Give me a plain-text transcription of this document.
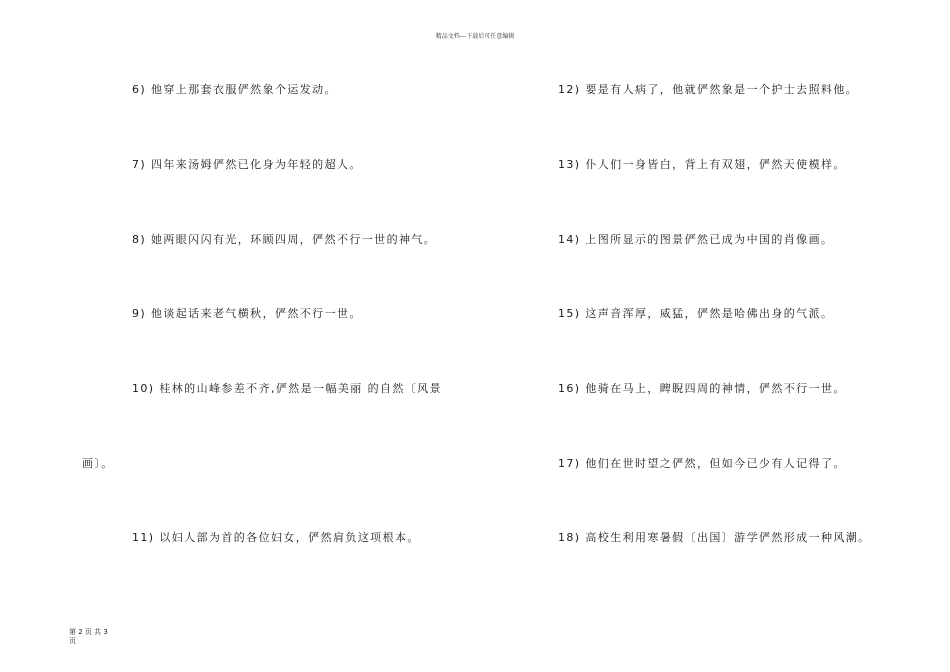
精品文档---下载后可任意编辑
6) 他穿上那套衣服俨然象个运发动。
7) 四年来汤姆俨然已化身为年轻的超人。
8) 她两眼闪闪有光，环顾四周，俨然不行一世的神气。
9) 他谈起话来老气横秋，俨然不行一世。
10) 桂林的山峰参差不齐,俨然是一幅美丽 的自然〔风景
画〕。
11) 以妇人部为首的各位妇女，俨然肩负这项根本。
12) 要是有人病了，他就俨然象是一个护士去照料他。
13) 仆人们一身皆白，背上有双翅，俨然天使模样。
14) 上图所显示的图景俨然已成为中国的肖像画。
15) 这声音浑厚，威猛，俨然是哈佛出身的气派。
16) 他骑在马上，睥睨四周的神情，俨然不行一世。
17) 他们在世时望之俨然，但如今已少有人记得了。
18) 高校生利用寒暑假〔出国〕游学俨然形成一种风潮。
第 2 页 共 3 页
